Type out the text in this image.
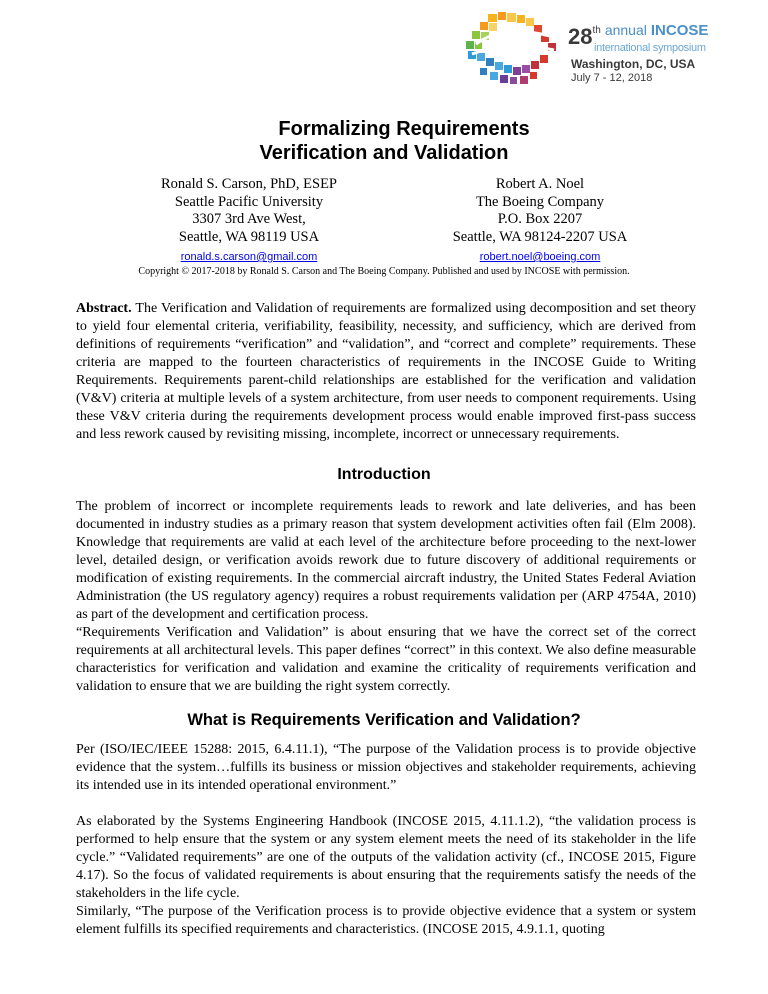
28th annual INCOSE
international symposium
Washington, DC, USA
July 7 - 12, 2018
Formalizing Requirements
Verification and Validation
Ronald S. Carson, PhD, ESEP
Seattle Pacific University
3307 3rd Ave West,
Seattle, WA 98119 USA
ronald.s.carson@gmail.com
Robert A. Noel
The Boeing Company
P.O. Box 2207
Seattle, WA 98124-2207 USA
robert.noel@boeing.com
Copyright © 2017-2018 by Ronald S. Carson and The Boeing Company. Published and used by INCOSE with permission.
Abstract. The Verification and Validation of requirements are formalized using decomposition and set theory to yield four elemental criteria, verifiability, feasibility, necessity, and sufficiency, which are derived from definitions of requirements “verification” and “validation”, and “correct and complete” requirements. These criteria are mapped to the fourteen characteristics of requirements in the INCOSE Guide to Writing Requirements. Requirements parent-child relationships are established for the verification and validation (V&V) criteria at multiple levels of a system architecture, from user needs to component requirements. Using these V&V criteria during the requirements development process would enable improved first-pass success and less rework caused by revisiting missing, incomplete, incorrect or unnecessary requirements.
Introduction
The problem of incorrect or incomplete requirements leads to rework and late deliveries, and has been documented in industry studies as a primary reason that system development activities often fail (Elm 2008). Knowledge that requirements are valid at each level of the architecture before proceeding to the next-lower level, detailed design, or verification avoids rework due to future discovery of additional requirements or modification of existing requirements. In the commercial aircraft industry, the United States Federal Aviation Administration (the US regulatory agency) requires a robust requirements validation per (ARP 4754A, 2010) as part of the development and certification process.
“Requirements Verification and Validation” is about ensuring that we have the correct set of the correct requirements at all architectural levels. This paper defines “correct” in this context. We also define measurable characteristics for verification and validation and examine the criticality of requirements verification and validation to ensure that we are building the right system correctly.
What is Requirements Verification and Validation?
Per (ISO/IEC/IEEE 15288: 2015, 6.4.11.1), “The purpose of the Validation process is to provide objective evidence that the system…fulfills its business or mission objectives and stakeholder requirements, achieving its intended use in its intended operational environment.”
As elaborated by the Systems Engineering Handbook (INCOSE 2015, 4.11.1.2), “the validation process is performed to help ensure that the system or any system element meets the need of its stakeholder in the life cycle.” “Validated requirements” are one of the outputs of the validation activity (cf., INCOSE 2015, Figure 4.17). So the focus of validated requirements is about ensuring that the requirements satisfy the needs of the stakeholders in the life cycle.
Similarly, “The purpose of the Verification process is to provide objective evidence that a system or system element fulfills its specified requirements and characteristics. (INCOSE 2015, 4.9.1.1, quoting
